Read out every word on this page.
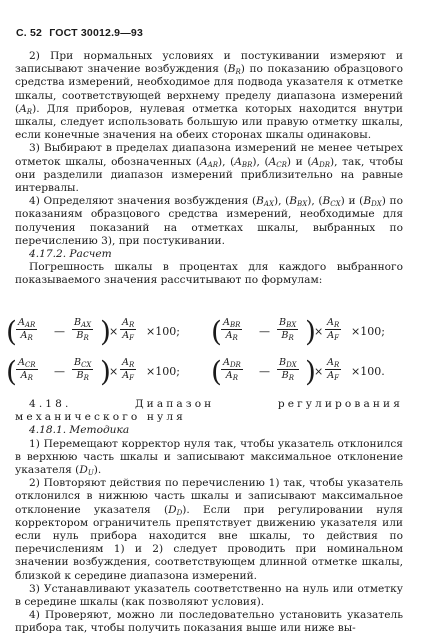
С. 52 ГОСТ 30012.9—93

2) При нормальных условиях и постукивании измеряют и записывают значение возбуждения $(B_R)$ по показанию образцового средства измерений, необходимое для подвода указателя к отметке шкалы, соответствующей верхнему пределу диапазона измерений $(A_R)$. Для приборов, нулевая отметка которых находится внутри шкалы, следует использовать большую или правую отметку шкалы, если конечные значения на обеих сторонах шкалы одинаковы.

3) Выбирают в пределах диапазона измерений не менее четырех отметок шкалы, обозначенных $(A_{AR})$, $(A_{BR})$, $(A_{CR})$ и $(A_{DR})$, так, чтобы они разделили диапазон измерений приблизительно на равные интервалы.

4) Определяют значения возбуждения $(B_{AX})$, $(B_{BX})$, $(B_{CX})$ и $(B_{DX})$ по показаниям образцового средства измерений, необходимые для получения показаний на отметках шкалы, выбранных по перечислению 3), при постукивании.

4.17.2. Расчет

Погрешность шкалы в процентах для каждого выбранного показываемого значения рассчитывают по формулам:

( $A_{AR}$
$A_R$ —
$B_{AX}$
$B_R$ )
× $\frac{A_R}{A_F} \times 100$; ( $A_{BR}$
$A_R$ —
$B_{BX}$
$B_R$ )
× $\frac{A_R}{A_F} \times 100$;
( $A_{CR}$
$A_R$ —
$B_{CX}$
$B_R$ )
× $\frac{A_R}{A_F} \times 100$; ( $A_{DR}$
$A_R$ —
$B_{DX}$
$B_R$ )
× $\frac{A_R}{A_F} \times 100$.

4.18. Диапазон регулирования механического нуля

4.18.1. Методика

1) Перемещают корректор нуля так, чтобы указатель отклонился в верхнюю часть шкалы и записывают максимальное отклонение указателя $(D_U)$.

2) Повторяют действия по перечислению 1) так, чтобы указатель отклонился в нижнюю часть шкалы и записывают максимальное отклонение указателя $(D_D)$. Если при регулировании нуля корректором ограничитель препятствует движению указателя или если нуль прибора находится вне шкалы, то действия по перечислениям 1) и 2) следует проводить при номинальном значении возбуждения, соответствующем длинной отметке шкалы, близкой к середине диапазона измерений.

3) Устанавливают указатель соответственно на нуль или отметку в середине шкалы (как позволяют условия).

4) Проверяют, можно ли последовательно установить указатель прибора так, чтобы получить показания выше или ниже вы-
